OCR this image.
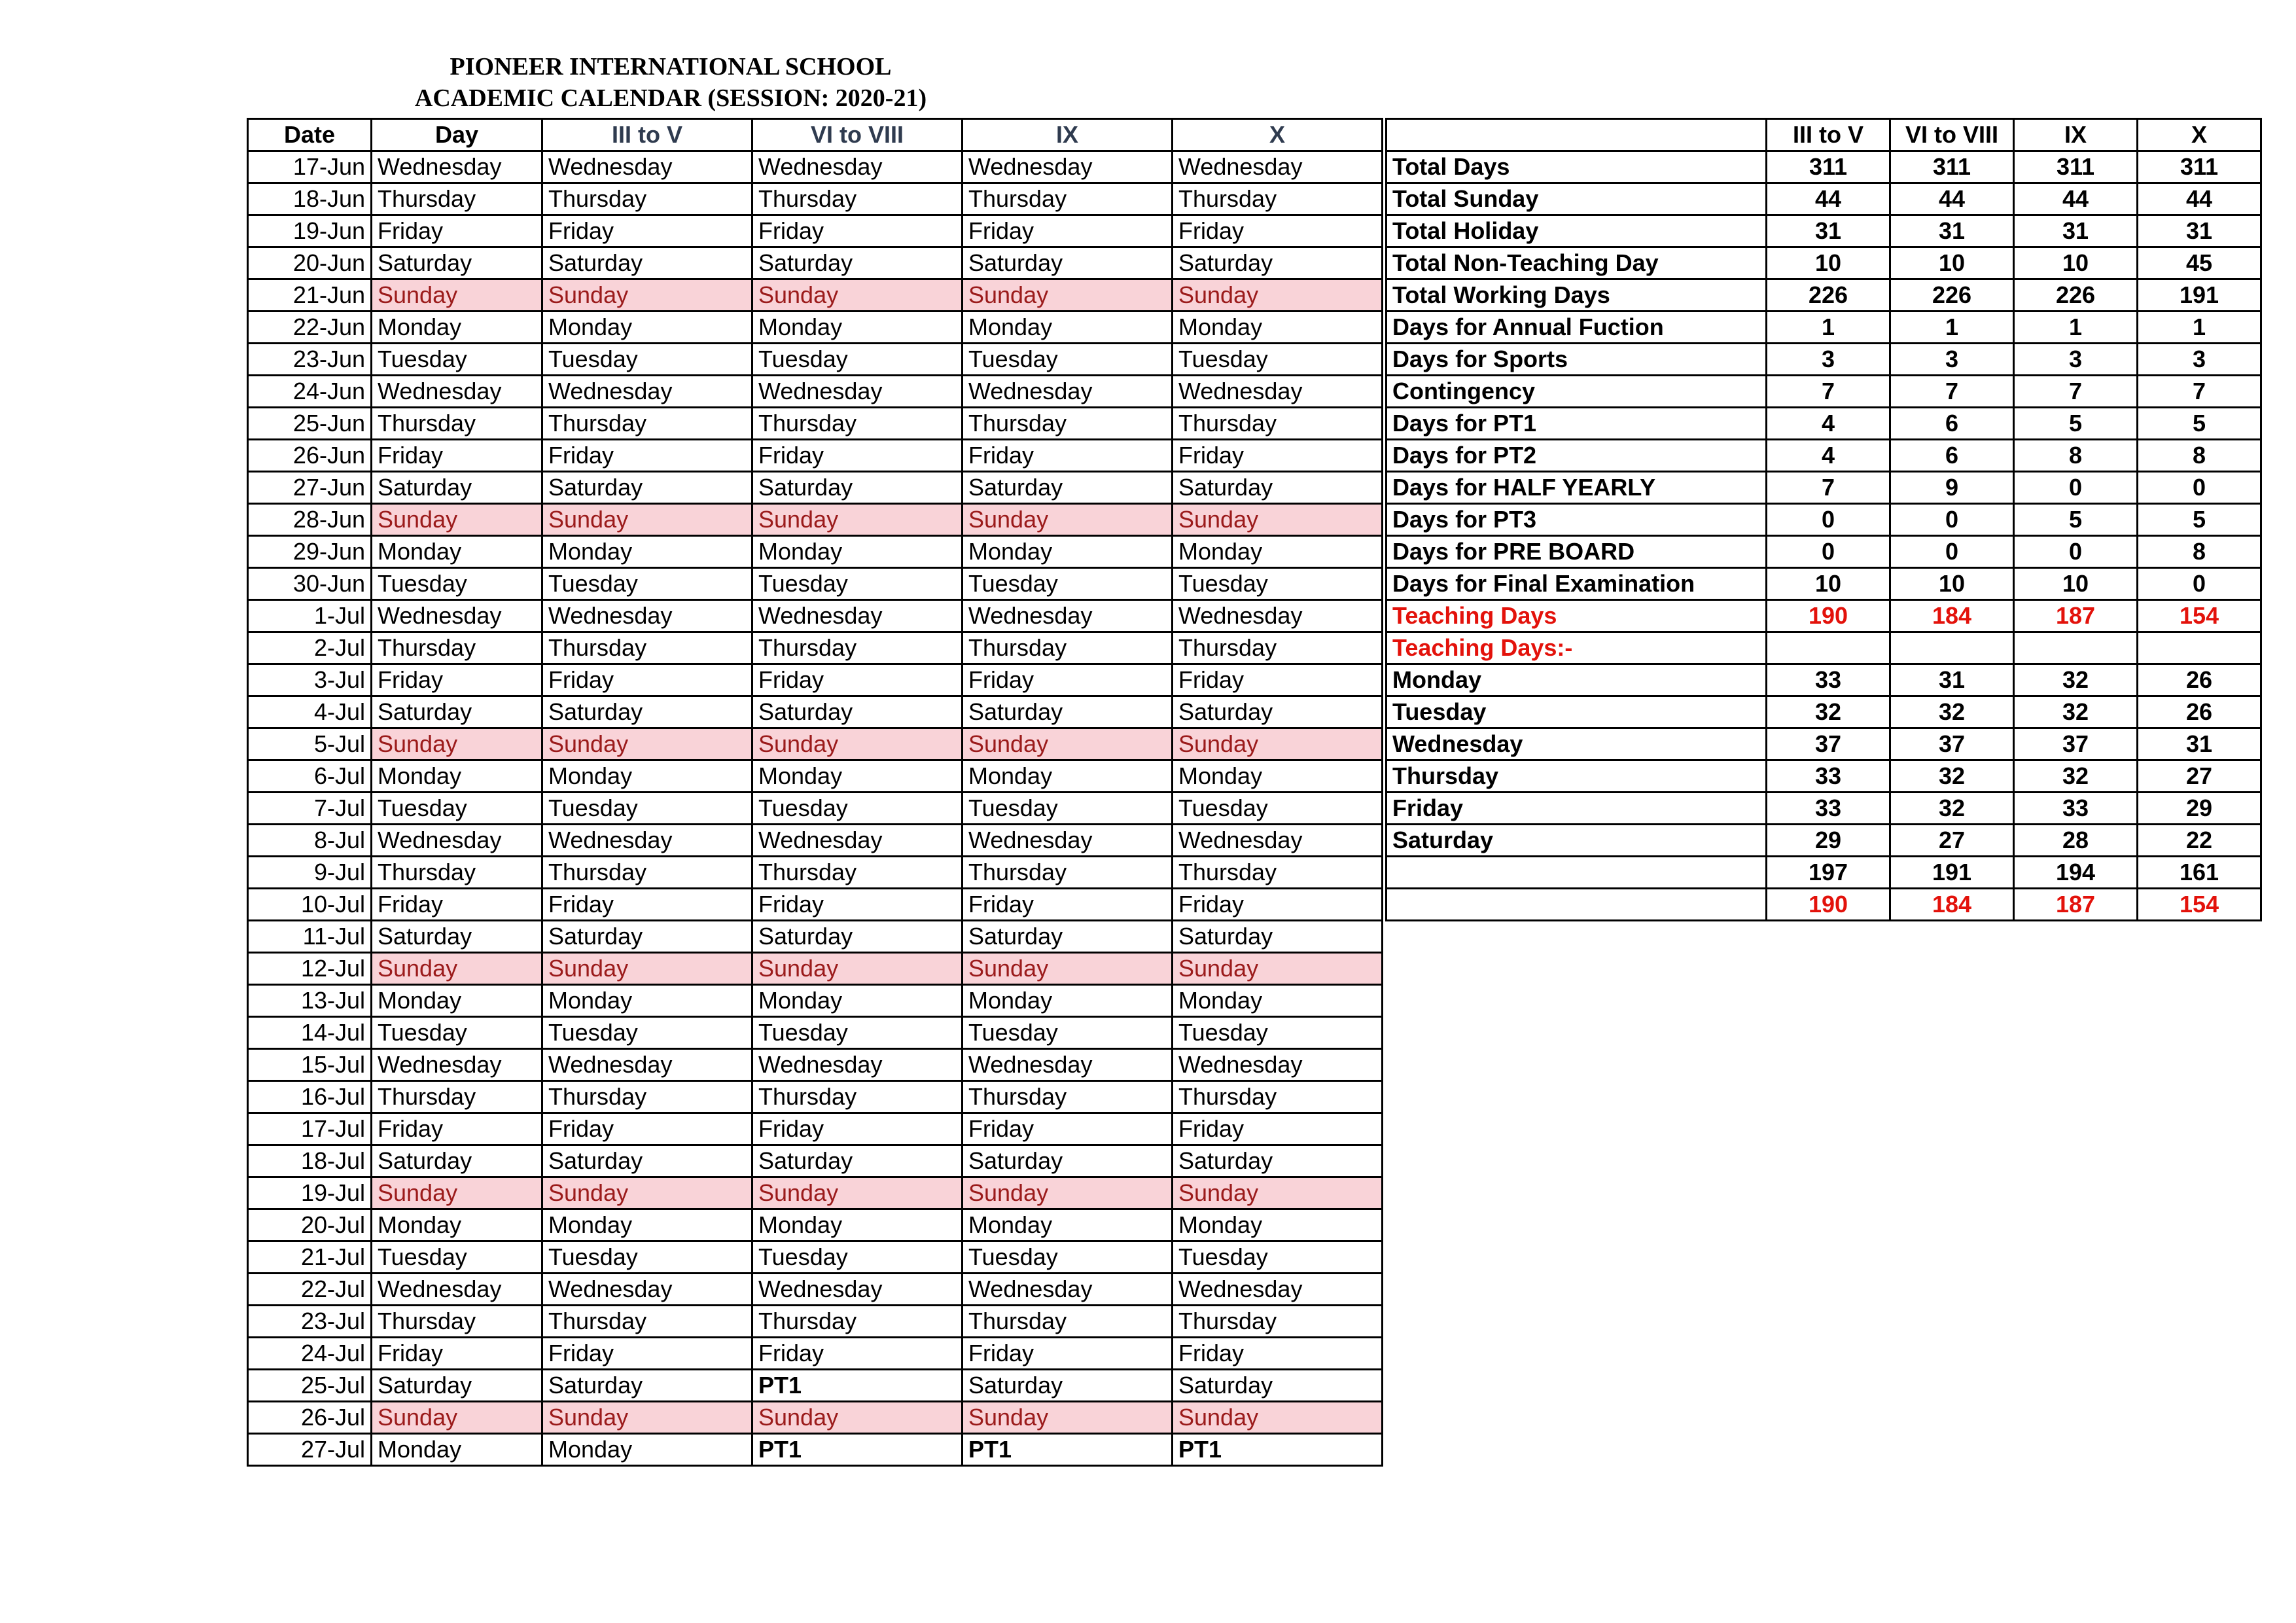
PIONEER INTERNATIONAL SCHOOL
ACADEMIC CALENDAR (SESSION: 2020-21)
Date	Day	III to V	VI to VIII	IX	X
17-Jun	Wednesday	Wednesday	Wednesday	Wednesday	Wednesday
18-Jun	Thursday	Thursday	Thursday	Thursday	Thursday
19-Jun	Friday	Friday	Friday	Friday	Friday
20-Jun	Saturday	Saturday	Saturday	Saturday	Saturday
21-Jun	Sunday	Sunday	Sunday	Sunday	Sunday
22-Jun	Monday	Monday	Monday	Monday	Monday
23-Jun	Tuesday	Tuesday	Tuesday	Tuesday	Tuesday
24-Jun	Wednesday	Wednesday	Wednesday	Wednesday	Wednesday
25-Jun	Thursday	Thursday	Thursday	Thursday	Thursday
26-Jun	Friday	Friday	Friday	Friday	Friday
27-Jun	Saturday	Saturday	Saturday	Saturday	Saturday
28-Jun	Sunday	Sunday	Sunday	Sunday	Sunday
29-Jun	Monday	Monday	Monday	Monday	Monday
30-Jun	Tuesday	Tuesday	Tuesday	Tuesday	Tuesday
1-Jul	Wednesday	Wednesday	Wednesday	Wednesday	Wednesday
2-Jul	Thursday	Thursday	Thursday	Thursday	Thursday
3-Jul	Friday	Friday	Friday	Friday	Friday
4-Jul	Saturday	Saturday	Saturday	Saturday	Saturday
5-Jul	Sunday	Sunday	Sunday	Sunday	Sunday
6-Jul	Monday	Monday	Monday	Monday	Monday
7-Jul	Tuesday	Tuesday	Tuesday	Tuesday	Tuesday
8-Jul	Wednesday	Wednesday	Wednesday	Wednesday	Wednesday
9-Jul	Thursday	Thursday	Thursday	Thursday	Thursday
10-Jul	Friday	Friday	Friday	Friday	Friday
11-Jul	Saturday	Saturday	Saturday	Saturday	Saturday
12-Jul	Sunday	Sunday	Sunday	Sunday	Sunday
13-Jul	Monday	Monday	Monday	Monday	Monday
14-Jul	Tuesday	Tuesday	Tuesday	Tuesday	Tuesday
15-Jul	Wednesday	Wednesday	Wednesday	Wednesday	Wednesday
16-Jul	Thursday	Thursday	Thursday	Thursday	Thursday
17-Jul	Friday	Friday	Friday	Friday	Friday
18-Jul	Saturday	Saturday	Saturday	Saturday	Saturday
19-Jul	Sunday	Sunday	Sunday	Sunday	Sunday
20-Jul	Monday	Monday	Monday	Monday	Monday
21-Jul	Tuesday	Tuesday	Tuesday	Tuesday	Tuesday
22-Jul	Wednesday	Wednesday	Wednesday	Wednesday	Wednesday
23-Jul	Thursday	Thursday	Thursday	Thursday	Thursday
24-Jul	Friday	Friday	Friday	Friday	Friday
25-Jul	Saturday	Saturday	PT1	Saturday	Saturday
26-Jul	Sunday	Sunday	Sunday	Sunday	Sunday
27-Jul	Monday	Monday	PT1	PT1	PT1
	III to V	VI to VIII	IX	X
Total Days	311	311	311	311
Total Sunday	44	44	44	44
Total Holiday	31	31	31	31
Total Non-Teaching Day	10	10	10	45
Total Working Days	226	226	226	191
Days for Annual Fuction	1	1	1	1
Days for Sports	3	3	3	3
Contingency	7	7	7	7
Days for PT1	4	6	5	5
Days for PT2	4	6	8	8
Days for HALF YEARLY	7	9	0	0
Days for PT3	0	0	5	5
Days for PRE BOARD	0	0	0	8
Days for Final Examination	10	10	10	0
Teaching Days	190	184	187	154
Teaching Days:-				
Monday	33	31	32	26
Tuesday	32	32	32	26
Wednesday	37	37	37	31
Thursday	33	32	32	27
Friday	33	32	33	29
Saturday	29	27	28	22
	197	191	194	161
	190	184	187	154
